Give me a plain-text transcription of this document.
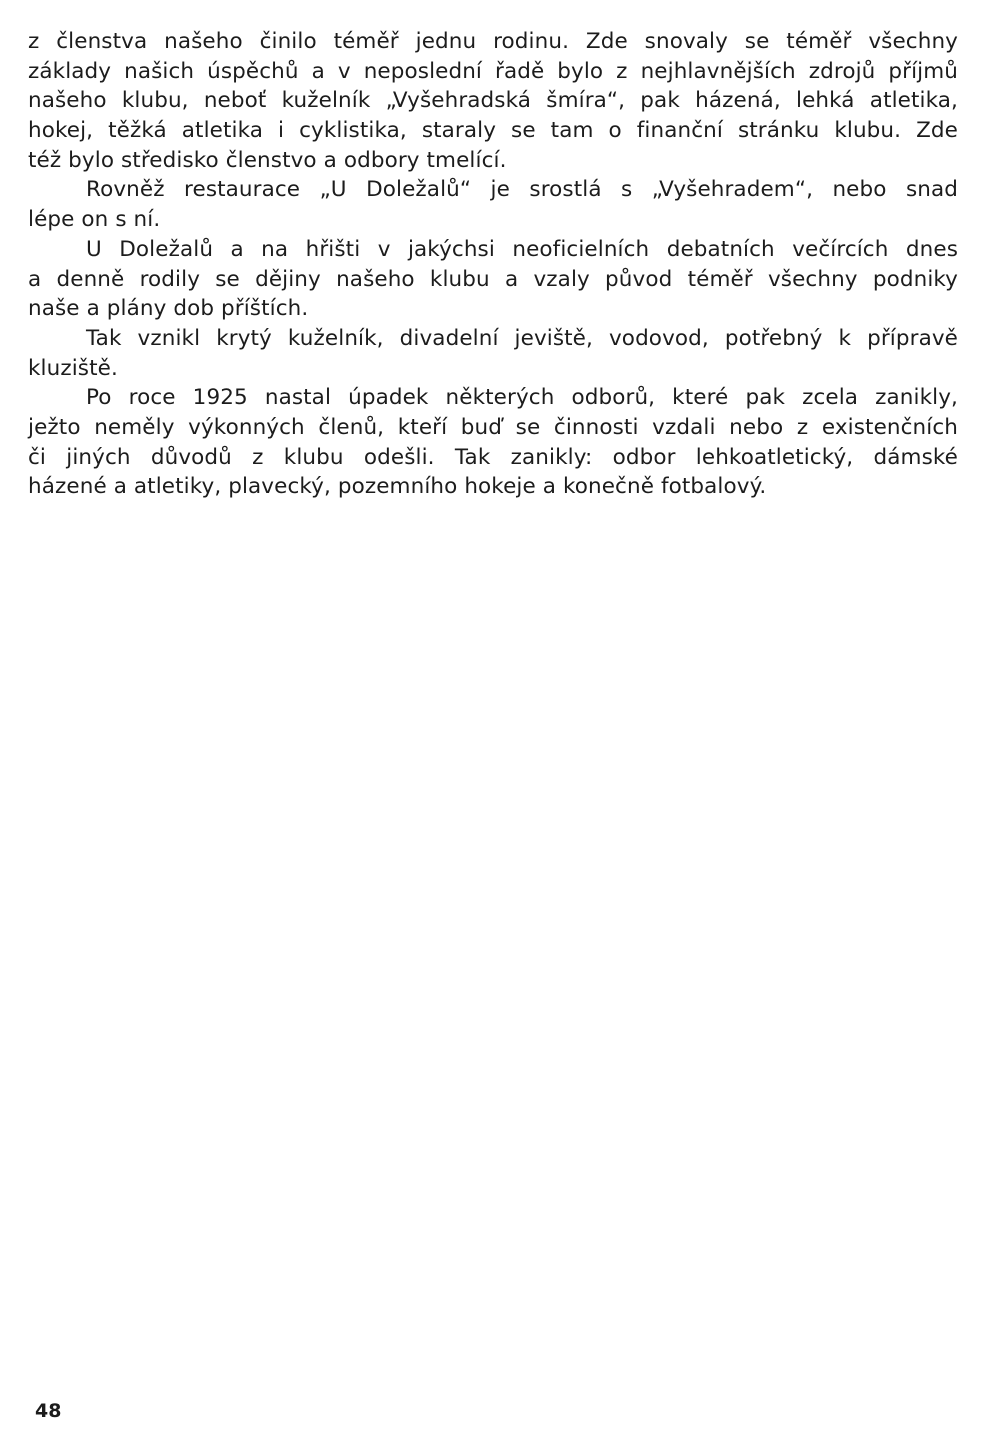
z členstva našeho činilo téměř jednu rodinu. Zde snovaly se téměř všechny
základy našich úspěchů a v neposlední řadě bylo z nejhlavnějších zdrojů příjmů
našeho klubu, neboť kuželník „Vyšehradská šmíra“, pak házená, lehká atletika,
hokej, těžká atletika i cyklistika, staraly se tam o finanční stránku klubu. Zde
též bylo středisko členstvo a odbory tmelící.
Rovněž restaurace „U Doležalů“ je srostlá s „Vyšehradem“, nebo snad
lépe on s ní.
U Doležalů a na hřišti v jakýchsi neoficielních debatních večírcích dnes
a denně rodily se dějiny našeho klubu a vzaly původ téměř všechny podniky
naše a plány dob příštích.
Tak vznikl krytý kuželník, divadelní jeviště, vodovod, potřebný k přípravě
kluziště.
Po roce 1925 nastal úpadek některých odborů, které pak zcela zanikly,
ježto neměly výkonných členů, kteří buď se činnosti vzdali nebo z existenčních
či jiných důvodů z klubu odešli. Tak zanikly: odbor lehkoatletický, dámské
házené a atletiky, plavecký, pozemního hokeje a konečně fotbalový.
48
